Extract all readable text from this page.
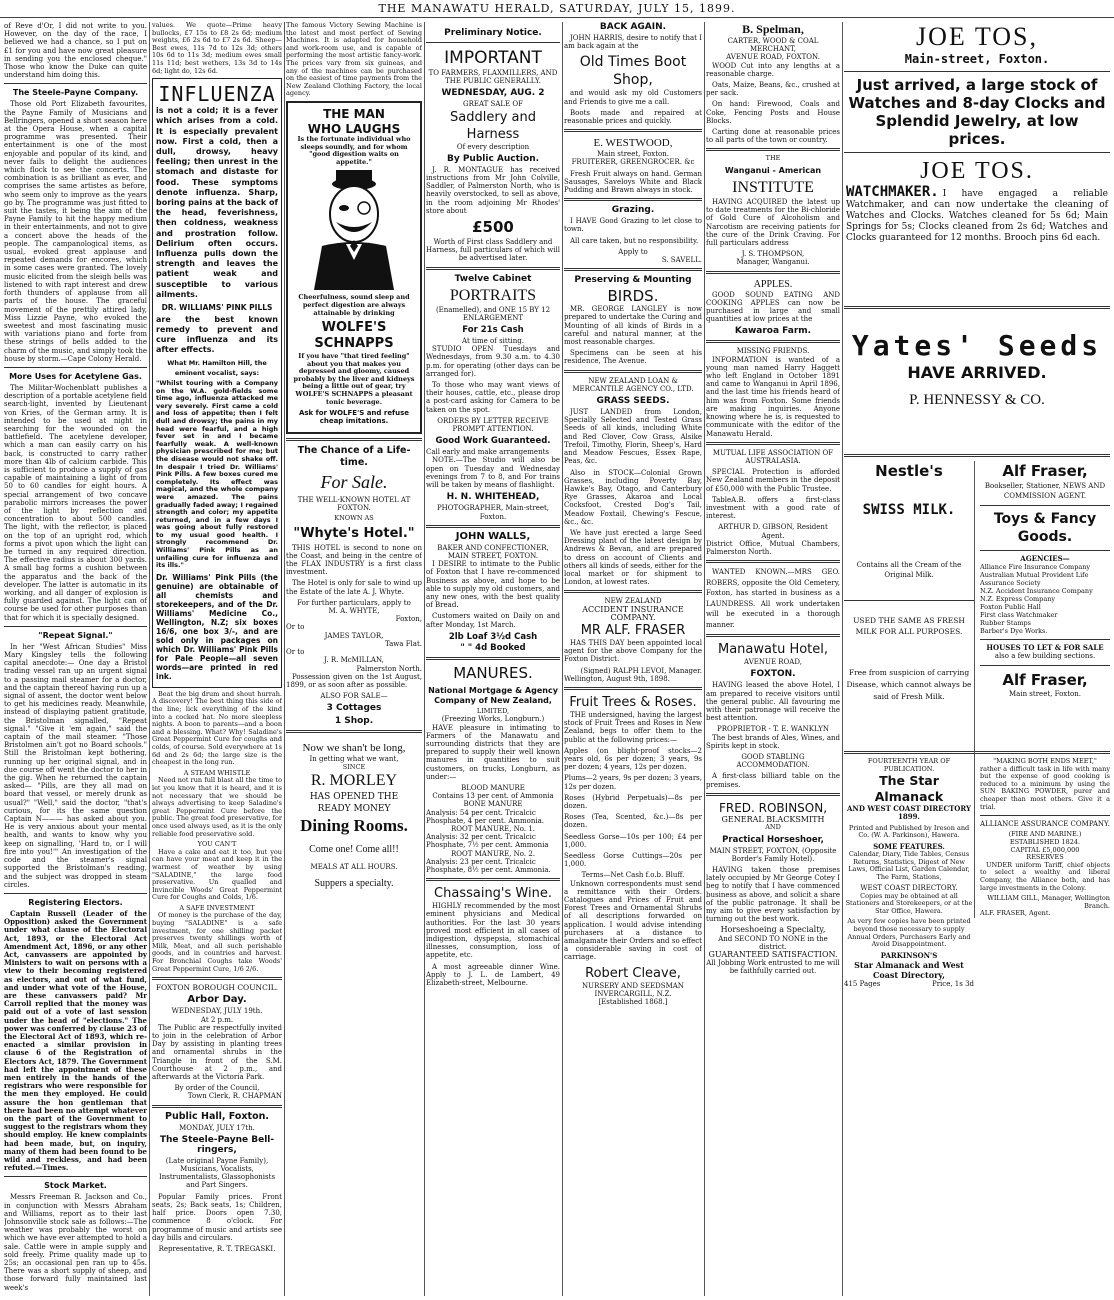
THE MANAWATU HERALD, SATURDAY, JULY 15, 1899.

of Reve d'Or, I did not write to you. However, on the day of the race, I believed we had a chance, so I put on £1 for you and have now great pleasure in sending you the enclosed cheque." Those who know the Duke can quite understand him doing this.

The Steele-Payne Company.

Those old Port Elizabeth favourites, the Payne Family of Musicians and Bellringers, opened a short season here at the Opera House, when a capital programme was presented. Their entertainment is one of the most enjoyable and popular of its kind, and never fails to delight the audiences which flock to see the concerts. The combination is as brilliant as ever, and comprises the same artistes as before, who seem only to improve as the years go by. The programme was just fitted to suit the tastes, it being the aim of the Payne Family to hit the happy medium in their entertainments, and not to give a concert above the heads of the people. The campanological items, as usual, evoked great applause and repeated demands for encores, which in some cases were granted. The lovely music elicited from the sleigh bells was listened to with rapt interest and drew forth thunders of applause from all parts of the house. The graceful movement of the prettily attired lady, Miss Lizzie Payne, who evoked the sweetest and most fascinating music with variations piano and forte from these strings of bells added to the charm of the music, and simply took the house by storm.—Cape Colony Herald.

More Uses for Acetylene Gas.

The Militar-Wochenblatt publishes a description of a portable acetylene field search-light, invented by Lieutenant von Kries, of the German army. It is intended to be used at night in searching for the wounded on the battlefield. The acetylene developer, which a man can easily carry on his back, is constructed to carry rather more than 4lb of calcium carbide. This is sufficient to produce a supply of gas capable of maintaining a light of from 50 to 60 candles for eight hours. A special arrangement of two concave parabolic mirrors increases the power of the light by reflection and concentration to about 500 candles. The light, with the reflector, is placed on the top of an upright rod, which forms a pivot upon which the light can be turned in any required direction. The effective radius is about 300 yards. A small bag forms a cushion between the apparatus and the back of the developer. The latter is automatic in its working, and all danger of explosion is fully guarded against. The light can of course be used for other purposes than that for which it is specially designed.

"Repeat Signal."

In her "West African Studies" Miss Mary Kingsley tells the following capital anecdote:— One day a Bristol trading vessel ran up an urgent signal to a passing mail steamer for a doctor, and the captain thereof having run up a signal of assent, the doctor went below to get his medicines ready. Meanwhile, instead of displaying patient gratitude, the Bristolman signalled, "Repeat signal." "Give it 'em again," said the captain of the mail steamer. "Those Bristolmen ain't got no Board schools." Still the Bristolman kept bothering, running up her original signal, and in due course off went the doctor to her in the gig. When he returned the captain asked— "Pills, are they all mad on board that vessel, or merely drunk as usual?" "Well," said the doctor, "that's curious, for its the same question Captain N——— has asked about you. He is very anxious about your mental health, and wants to know why you keep on signalling, 'Hard to, or I will fire into you!'" An investigation of the code and the steamer's signal supported the Bristolman's reading, and the subject was dropped in steam circles.

Registering Electors.

Captain Russell (Leader of the Opposition) asked the Government under what clause of the Electoral Act, 1893, or the Electoral Act Amendment Act, 1896, or any other Act, canvassers are appointed by Ministers to wait on persons with a view to their becoming registered as electors, and out of what fund, and under what vote of the House, are these canvassers paid? Mr Carroll replied that the money was paid out of a vote of last session under the head of "elections." The power was conferred by clause 23 of the Electoral Act of 1893, which re-enacted a similar provision in clause 6 of the Registration of Electors Act, 1879. The Government had left the appointment of these men entirely in the hands of the registrars who were responsible for the men they employed. He could assure the hon gentleman that there had been no attempt whatever on the part of the Government to suggest to the registrars whom they should employ. He knew complaints had been made, but, on inquiry, many of them had been found to be wild and reckless, and had been refuted.—Times.

Stock Market.

Messrs Freeman R. Jackson and Co., in conjunction with Messrs Abraham and Williams, report as to their last Johnsonville stock sale as follows:—The weather was probably the worst on which we have ever attempted to hold a sale. Cattle were in ample supply and sold freely. Prime quality made up to 25s; an occasional pen ran up to 45s. There was a short supply of sheep, and those forward fully maintained last week's

values. We quote—Prime heavy bullocks, £7 15s to £8 2s 6d; medium weights, £6 2s 6d to £7 2s 6d. Sheep—Best ewes, 11s 7d to 12s 3d; others 10s 6d to 11s 3d; medium ewes small 11s 11d; best wethers, 13s 3d to 14s 6d; light do, 12s 6d.

INFLUENZA

is not a cold; it is a fever which arises from a cold. It is especially prevalent now. First a cold, then a dull, drowsy, heavy feeling; then unrest in the stomach and distaste for food. These symptoms denote influenza. Sharp, boring pains at the back of the head, feverishness, then coldness, weakness and prostration follow. Delirium often occurs. Influenza pulls down the strength and leaves the patient weak and susceptible to various ailments.

DR. WILLIAMS' PINK PILLS

are the best known remedy to prevent and cure influenza and its after effects.

What Mr. Hamilton Hill, the eminent vocalist, says:

"Whilst touring with a Company on the W.A. gold-fields some time ago, influenza attacked me very severely. First came a cold and loss of appetite; then I felt dull and drowsy; the pains in my head were fearful, and a high fever set in and I became fearfully weak. A well-known physician prescribed for me; but the disease would not shake off. In despair I tried Dr. Williams' Pink Pills. A few boxes cured me completely. Its effect was magical, and the whole company were amazed. The pains gradually faded away; I regained strength and color; my appetite returned, and in a few days I was going about fully restored to my usual good health. I strongly recommend Dr. Williams' Pink Pills as an unfailing cure for influenza and its ills."

Dr. Williams' Pink Pills (the genuine) are obtainable of all chemists and storekeepers, and of the Dr. Williams' Medicine Co., Wellington, N.Z; six boxes 16/6, one box 3/-, and are sold only in packages on which Dr. Williams' Pink Pills for Pale People—all seven words—are printed in red ink.

Beat the big drum and shout hurrah. A discovery! The best thing this side of the line; lick everything of the kind into a cocked hat. No more sleepless nights. A boon to parents—and a boon and a blessing. What? Why! Saladine's Great Peppermint Cure for coughs and colds, of course. Sold everywhere at 1s 6d and 2s 6d; the large size is the cheapest in the long run.

A STEAM WHISTLE

Need not run full blast all the time to let you know that it is heard, and it is not necessary that we should be always advertising to keep Saladine's great Peppermint Cure before the public. The great food preservative, for once used always used, as it is the only reliable food preservative sold.

YOU CAN'T

Have a cake and eat it too, but you can have your meat and keep it in the warmest of weather by using "SALADINE," the large food preservative. Un qualled and Invincible Woods' Great Peppermint Cure for Coughs and Colds, 1/6.

A SAFE INVESTMENT

Of money is the purchase of the day, buying "SALADINE" is a safe investment, for one shilling packet preserves twenty shillings worth of Milk, Meat, and all such perishable goods, and in countries and harvest. For Bronchial Coughs take Woods' Great Peppermint Cure, 1/6 2/6.

FOXTON BOROUGH COUNCIL.
Arbor Day.
WEDNESDAY, JULY 19th.
At 2 p.m.

The Public are respectfully invited to join in the celebration of Arbor Day by assisting in planting trees and ornamental shrubs in the Triangle in front of the S.M. Courthouse at 2 p.m., and afterwards at the Victoria Park.

By order of the Council,
Town Clerk, R. CHAPMAN
Public Hall, Foxton.
MONDAY, JULY 17th.
The Steele-Payne Bell-ringers,

(Late original Payne Family), Musicians, Vocalists, Instrumentalists, Glassophonists and Part Singers.

Popular Family prices. Front seats, 2s; Back seats, 1s; Children, half price. Doors open 7.30, commence 8 o'clock. For programme of music and artists see day bills and circulars.

Representative, R. T. TREGASKI.

The famous Victory Sewing Machine is the latest and most perfect of Sewing Machines. It is adapted for household and work-room use, and is capable of performing the most artistic fancy-work. The prices vary from six guineas, and any of the machines can be purchased on the easiest of time payments from the New Zealand Clothing Factory, the local agency.

THE MAN
WHO LAUGHS

Is the fortunate individual who sleeps soundly, and for whom "good digestion waits on appetite."

Cheerfulness, sound sleep and perfect digestion are always attainable by drinking

WOLFE'S
SCHNAPPS

If you have "that tired feeling" about you that makes you depressed and gloomy, caused probably by the liver and kidneys being a little out of gear, try WOLFE'S SCHNAPPS a pleasant tonic beverage.

Ask for WOLFE'S and refuse cheap imitations.

The Chance of a Life-time.
For Sale.
THE WELL-KNOWN HOTEL AT FOXTON.
KNOWN AS
"Whyte's Hotel."

THIS HOTEL is second to none on the Coast, and being in the centre of the FLAX INDUSTRY is a first class investment.

The Hotel is only for sale to wind up the Estate of the late A. J. Whyte.

For further particulars, apply to
M. A. WHYTE,
Foxton,
Or to
JAMES TAYLOR,
Tawa Flat.
Or to
J. R. McMILLAN,
Palmerston North.

Possession given on the 1st August, 1899, or as soon after as possible.

ALSO FOR SALE—
3 Cottages
1 Shop.
Now we shan't be long,
In getting what we want,
SINCE
R. MORLEY
HAS OPENED THE
READY MONEY
Dining Rooms.
Come one! Come all!!
MEALS AT ALL HOURS.
Suppers a specialty.
Preliminary Notice.
IMPORTANT

TO FARMERS, FLAXMILLERS, AND THE PUBLIC GENERALLY.

WEDNESDAY, AUG. 2
GREAT SALE OF
Saddlery and Harness
Of every description
By Public Auction.

J. R. MONTAGUE has received instructions from Mr John Colville, Saddler, of Palmerston North, who is heavily overstocked, to sell as above, in the room adjoining Mr Rhodes' store about

£500

Worth of First class Saddlery and Harness, full particulars of which will be advertised later.

Twelve Cabinet
PORTRAITS

(Enamelled), and ONE 15 BY 12 ENLARGEMENT

For 21s Cash
At time of sitting.

STUDIO OPEN Tuesdays and Wednesdays, from 9.30 a.m. to 4.30 p.m. for operating (other days can be arranged for).

To those who may want views of their houses, cattle, etc., please drop a post-card asking for Camera to be taken on the spot.

ORDERS BY LETTER RECEIVE PROMPT ATTENTION.

Good Work Guaranteed.
Call early and make arrangements

NOTE.—The Studio will also be open on Tuesday and Wednesday evenings from 7 to 8, and For trains will be taken by means of flashlight.

H. N. WHITEHEAD,
PHOTOGRAPHER, Main-street, Foxton.
JOHN WALLS,
BAKER AND CONFECTIONER, MAIN STREET, FOXTON.

I DESIRE to intimate to the Public of Foxton that I have re-commenced Business as above, and hope to be able to supply my old customers, and any new ones, with the best quality of Bread.

Customers waited on Daily on and after Monday, 1st March.

2lb Loaf 3½d Cash
" " 4d Booked
MANURES.
National Mortgage & Agency Company of New Zealand,
LIMITED,
(Freezing Works, Longburn.)

HAVE pleasure in intimating to Farmers of the Manawatu and surrounding districts that they are prepared to supply their well known manures in quantities to suit customers, on trucks, Longburn, as under:—

BLOOD MANURE
Contains 13 per cent. of Ammonia
BONE MANURE
Analysis: 54 per cent. Tricalcic Phosphate, 4 per cent. Ammonia.
ROOT MANURE, No. 1.
Analysis: 32 per cent. Tricalcic Phosphate, 7½ per cent. Ammonia
ROOT MANURE, No. 2.
Analysis: 23 per cent. Tricalcic Phosphate, 8½ per cent. Ammonia.
Chassaing's Wine.

HIGHLY recommended by the most eminent physicians and Medical authorities. For the last 30 years proved most efficient in all cases of indigestion, dyspepsia, stomachical illnesses, consumption, loss of appetite, etc.

A most agreeable dinner Wine. Apply to J. L. de Lambert, 49 Elizabeth-street, Melbourne.

BACK AGAIN.

JOHN HARRIS, desire to notify that I am back again at the

Old Times Boot Shop,

and would ask my old Customers and Friends to give me a call.

Boots made and repaired at reasonable prices and quickly.

E. WESTWOOD,
Main street, Foxton.

FRUITERER, GREENGROCER. &c

Fresh Fruit always on hand. German Sausages, Saveloys White and Black Pudding and Brawn always in stock.

Grazing.

I HAVE Good Grazing to let close to town.

All care taken, but no responsibility.

Apply to
S. SAVELL.
Preserving & Mounting
BIRDS.

MR. GEORGE LANGLEY is now prepared to undertake the Curing and Mounting of all kinds of Birds in a careful and natural manner, at the most reasonable charges.

Specimens can be seen at his residence, The Avenue.

NEW ZEALAND LOAN & MERCANTILE AGENCY CO., LTD.

GRASS SEEDS.

JUST LANDED from London, Specially Selected and Tested Grass Seeds of all kinds, including White and Red Clover, Cow Grass, Alsike Trefoil, Timothy, Florin, Sheep's, Hard and Meadow Fescues, Essex Rape, Peas, &c.

Also in STOCK—Colonial Grown Grasses, including Poverty Bay, Hawke's Bay, Otago, and Canterbury Rye Grasses, Akaroa and Local Cocksfoot, Crested Dog's Tail, Meadow Foxtail, Chewing's Fescue, &c., &c.

We have just erected a large Seed Dressing plant of the latest design by Andrews & Bevan, and are prepared to dress on account of Clients and others all kinds of seeds, either for the local market or for shipment to London, at lowest rates.

NEW ZEALAND
ACCIDENT INSURANCE COMPANY.
MR ALF. FRASER

HAS THIS DAY been appointed local agent for the above Company for the Foxton District.

(Signed) RALPH LEVOI, Manager.
Wellington, August 9th, 1898.
Fruit Trees & Roses.

THE undersigned, having the largest stock of Fruit Trees and Roses in New Zealand, begs to offer them to the public at the following prices:—

Apples (on blight-proof stocks—2 years old, 6s per dozen; 3 years, 9s per dozen; 4 years, 12s per dozen.

Plums—2 years, 9s per dozen; 3 years, 12s per dozen.

Roses (Hybrid Perpetuals)—8s per dozen.

Roses (Tea, Scented, &c.)—8s per dozen.

Seedless Gorse—10s per 100; £4 per 1,000.

Seedless Gorse Cuttings—20s per 1,000.

Terms—Net Cash f.o.b. Bluff.

Unknown correspondents must send a remittance with their Orders. Catalogues and Prices of Fruit and Forest Trees and Ornamental Shrubs of all descriptions forwarded on application. I would advise intending purchasers at a distance to amalgamate their Orders and so effect a considerable saving in cost of carriage.

Robert Cleave,
NURSERY AND SEEDSMAN
INVERCARGILL, N.Z.
[Established 1868.]
B. Spelman,
CARTER, WOOD & COAL MERCHANT,
AVENUE ROAD, FOXTON.

WOOD Cut into any lengths at a reasonable charge.

Oats, Maize, Beans, &c., crushed at per sack.

On hand: Firewood, Coals and Coke, Fencing Posts and House Blocks.

Carting done at reasonable prices to all parts of the town or country.

THE
Wanganui - American
INSTITUTE

HAVING ACQUIRED the latest up to date treatments for the Bi-chloride of Gold Cure of Alcoholism and Narcotism are receiving patients for the cure of the Drink Craving. For full particulars address

J. S. THOMPSON,
Manager, Wanganui.
APPLES.

GOOD SOUND EATING AND COOKING APPLES can now be purchased in large and small quantities at low prices at the

Kawaroa Farm.
MISSING FRIENDS.

INFORMATION is wanted of a young man named Harry Haggett who left England in October 1891 and came to Wanganui in April 1896, and the last time his friends heard of him was from Foxton. Some friends are making inquiries. Anyone knowing where he is, is requested to communicate with the editor of the Manawatu Herald.

MUTUAL LIFE ASSOCIATION OF AUSTRALASIA.

SPECIAL Protection is afforded New Zealand members in the deposit of £50,000 with the Public Trustee.

TableA.B. offers a first-class investment with a good rate of interest.

ARTHUR D. GIBSON, Resident Agent.

District Office, Mutual Chambers, Palmerston North.

WANTED KNOWN.—MRS GEO. ROBERS, opposite the Old Cemetery, Foxton, has started in business as a LAUNDRESS. All work undertaken will be executed in a thorough manner.

Manawatu Hotel,
AVENUE ROAD,
FOXTON.

HAVING leased the above Hotel, I am prepared to receive visitors until the general public. All favouring me with their patronage will receive the best attention.

PROPRIETOR - T. E. WANKLYN

The best brands of Ales, Wines, and Spirits kept in stock.

GOOD STABLING ACCOMMODATION.

A first-class billiard table on the premises.

FRED. ROBINSON,
GENERAL BLACKSMITH
AND
Practical Horseshoer,

MAIN STREET, FOXTON, (Opposite Border's Family Hotel).

HAVING taken those premises lately occupied by Mr George Cotey I beg to notify that I have commenced business as above, and solicit a share of the public patronage. It shall be my aim to give every satisfaction by turning out the best work.

Horseshoeing a Specialty,
And SECOND TO NONE in the district.
GUARANTEED SATISFACTION.

All Jobbing Work entrusted to me will be faithfully carried out.

JOE TOS,
Main-street, Foxton.
Just arrived, a large stock of Watches and 8-day Clocks and Splendid Jewelry, at low prices.
JOE TOS.
WATCHMAKER. I have engaged a reliable Watchmaker, and can now undertake the cleaning of Watches and Clocks. Watches cleaned for 5s 6d; Main Springs for 5s; Clocks cleaned from 2s 6d; Watches and Clocks guaranteed for 12 months. Brooch pins 6d each.
Yates' Seeds
HAVE ARRIVED.
P. HENNESSY & CO.
Nestle's
SWISS MILK.

Contains all the Cream of the Original Milk.

USED THE SAME AS FRESH MILK FOR ALL PURPOSES.

Free from suspicion of carrying Disease, which cannot always be said of Fresh Milk.

Alf Fraser,

Bookseller, Stationer, NEWS AND COMMISSION AGENT.

Toys & Fancy Goods.
AGENCIES—
Alliance Fire Insurance Company
Australian Mutual Provident Life Assurance Society
N.Z. Accident Insurance Company
N.Z. Express Company
Foxton Public Hall
First class Watchmaker
Rubber Stamps
Barber's Dye Works.
HOUSES TO LET & FOR SALE
also a few building sections.
Alf Fraser,
Main street, Foxton.
FOURTEENTH YEAR OF PUBLICATION.
The Star Almanack

AND WEST COAST DIRECTORY 1899.

Printed and Published by Ireson and Co. (W. A. Parkinson), Hawera.

SOME FEATURES.

Calendar, Diary, Tide Tables, Census Returns, Statistics, Digest of New Laws, Official List, Garden Calendar, The Farm, Stations,

WEST COAST DIRECTORY.

Copies may be obtained at all Stationers and Storekeepers, or at the Star Office, Hawera.

As very few copies have been printed beyond those necessary to supply Annual Orders, Purchasers Early and Avoid Disappointment.

PARKINSON'S
Star Almanack and West Coast Directory,
415 Pages	Price, 1s 3d
"MAKING BOTH ENDS MEET,"

rather a difficult task in life with many but the expense of good cooking is reduced to a minimum by using the SUN BAKING POWDER, purer and cheaper than most others. Give it a trial.

ALLIANCE ASSURANCE COMPANY.

(FIRE AND MARINE.)
ESTABLISHED 1824.
CAPITAL £5,000,000
RESERVES

UNDER uniform Tariff, chief objects to select a wealthy and liberal Company, the Alliance both, and has large investments in the Colony.

WILLIAM GILL, Manager, Wellington Branch.
ALF. FRASER, Agent.
